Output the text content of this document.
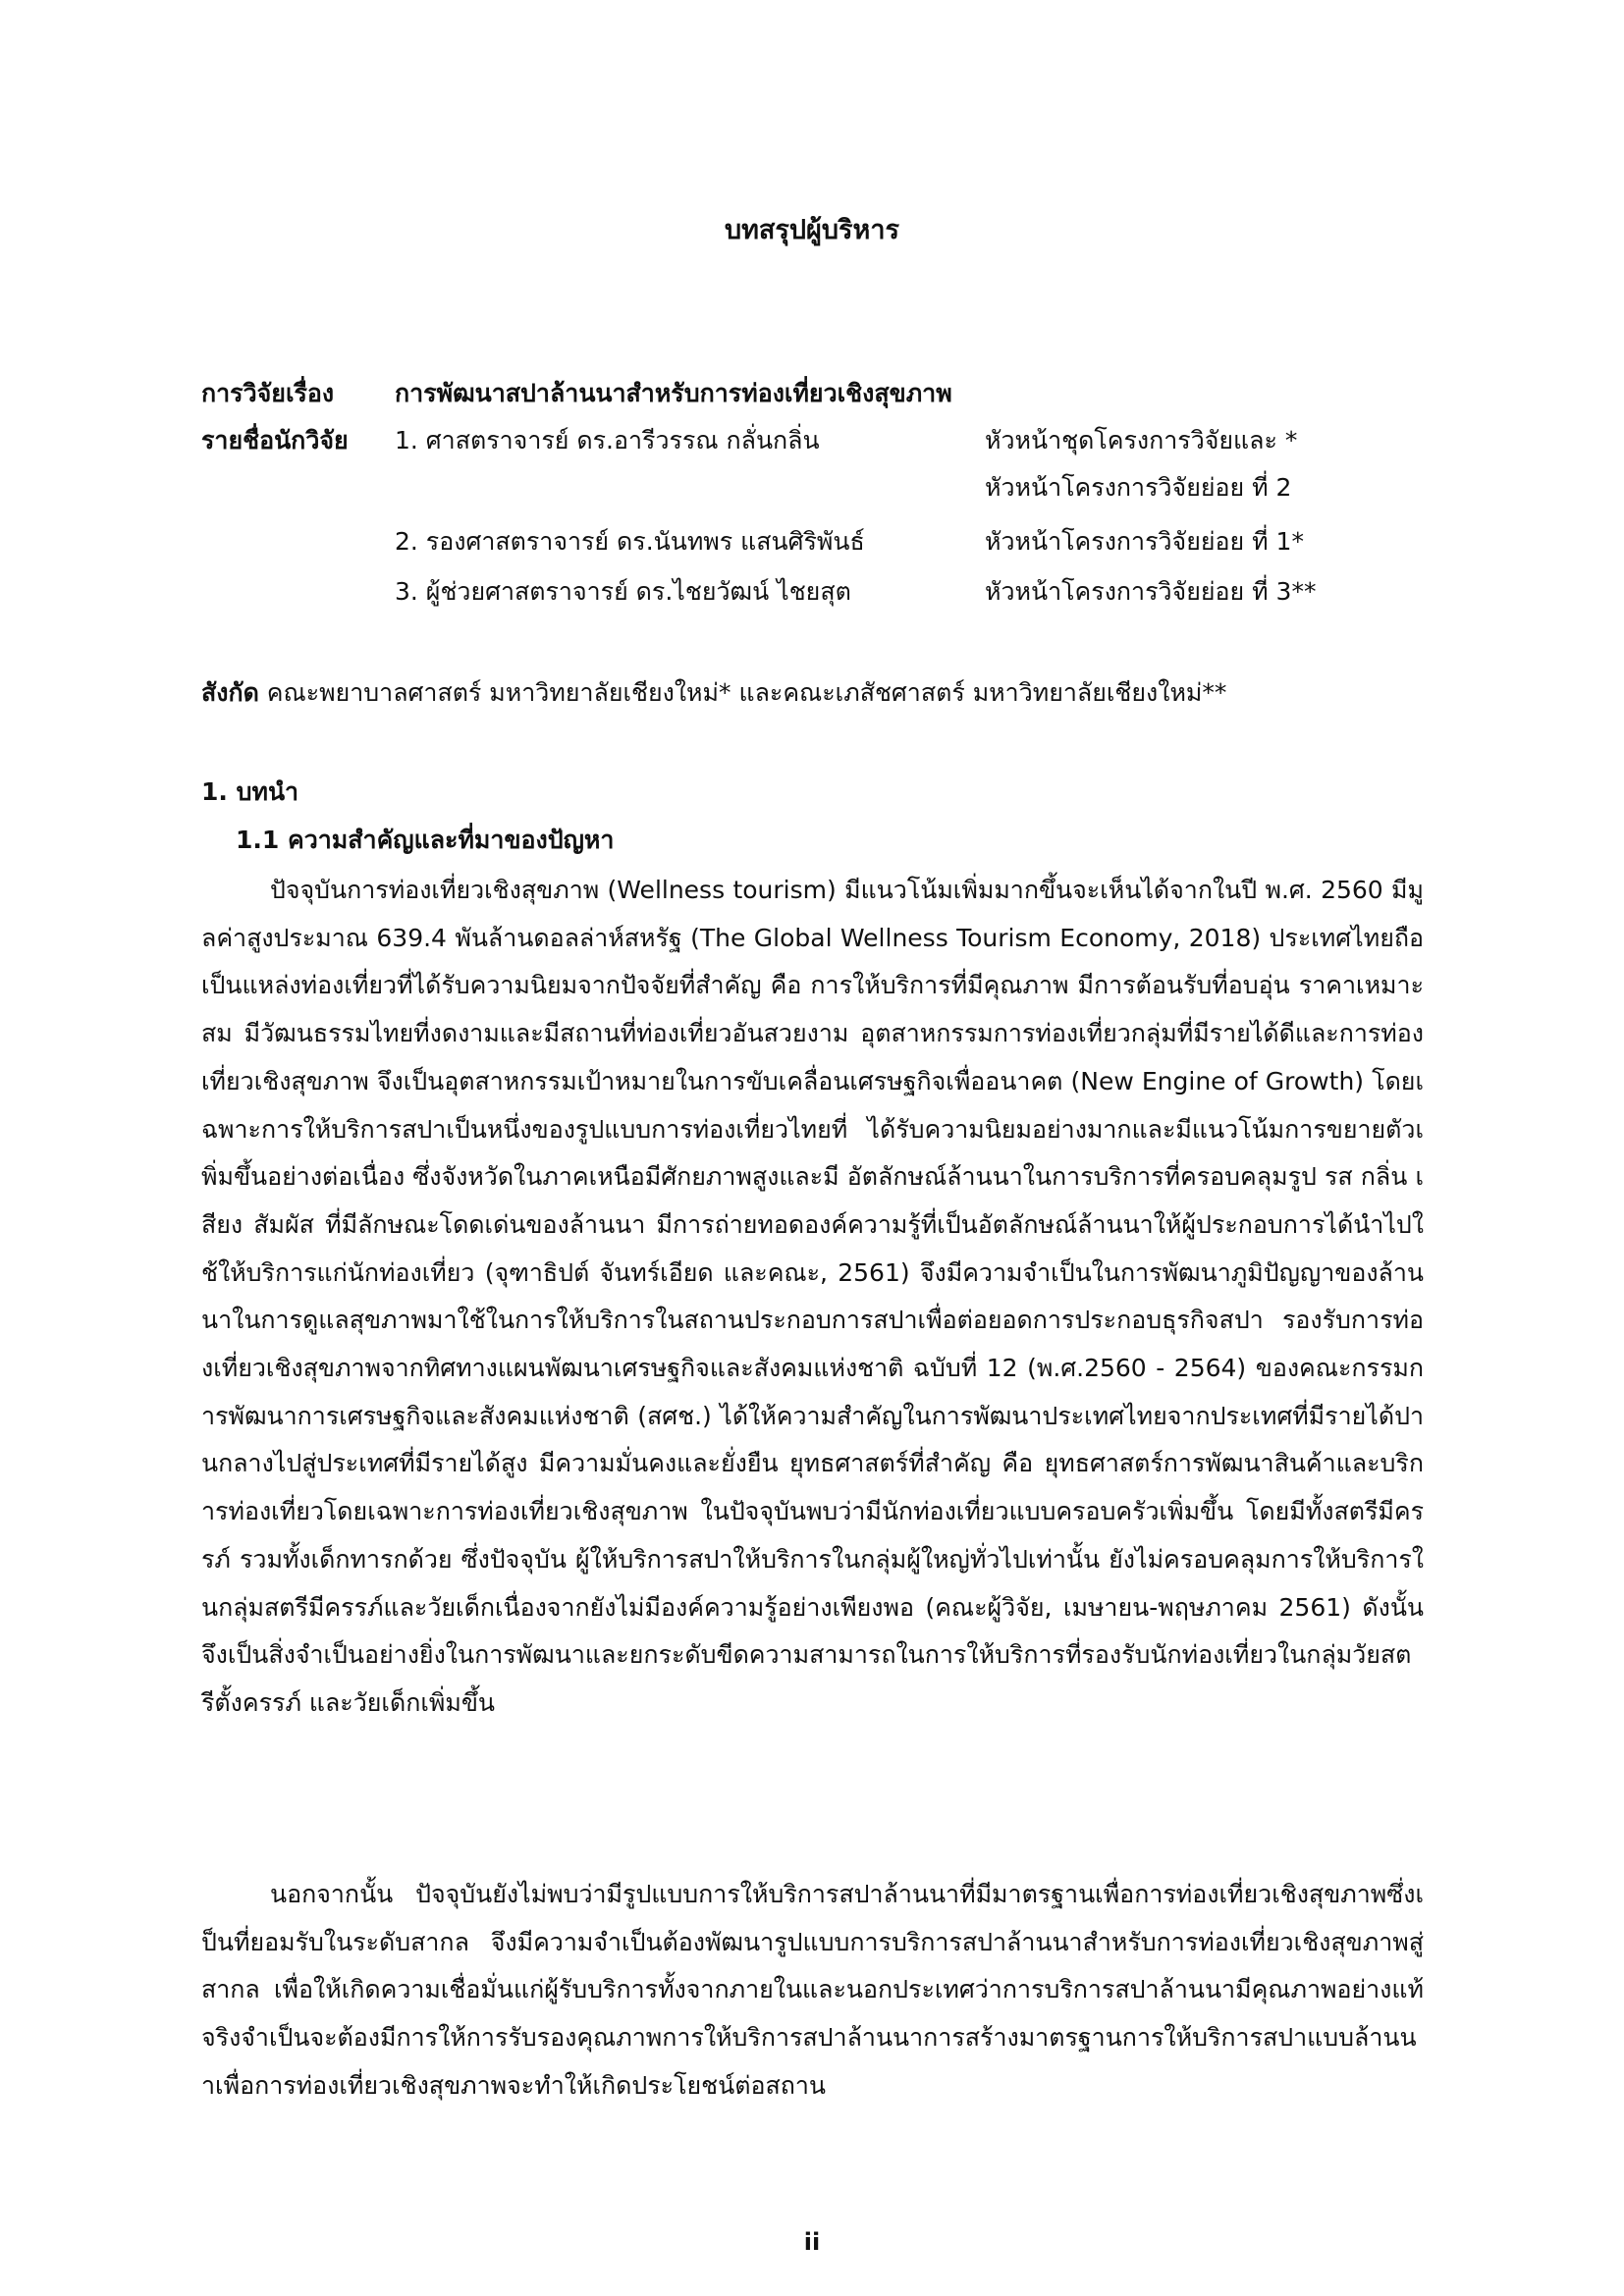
บทสรุปผู้บริหาร
การวิจัยเรื่อง การพัฒนาสปาล้านนาสำหรับการท่องเที่ยวเชิงสุขภาพ
รายชื่อนักวิจัย 1. ศาสตราจารย์ ดร.อารีวรรณ กลั่นกลิ่น	หัวหน้าชุดโครงการวิจัยและ *
หัวหน้าโครงการวิจัยย่อย ที่ 2
2. รองศาสตราจารย์ ดร.นันทพร แสนศิริพันธ์	หัวหน้าโครงการวิจัยย่อย ที่ 1*
3. ผู้ช่วยศาสตราจารย์ ดร.ไชยวัฒน์ ไชยสุต	หัวหน้าโครงการวิจัยย่อย ที่ 3**
สังกัด คณะพยาบาลศาสตร์ มหาวิทยาลัยเชียงใหม่* และคณะเภสัชศาสตร์ มหาวิทยาลัยเชียงใหม่**
1. บทนำ
1.1 ความสำคัญและที่มาของปัญหา

ปัจจุบันการท่องเที่ยวเชิงสุขภาพ (Wellness tourism) มีแนวโน้มเพิ่มมากขึ้นจะเห็นได้จากในปี พ.ศ. 2560 มีมูลค่าสูงประมาณ 639.4 พันล้านดอลล่าห์สหรัฐ (The Global Wellness Tourism Economy, 2018) ประเทศไทยถือเป็นแหล่งท่องเที่ยวที่ได้รับความนิยมจากปัจจัยที่สำคัญ คือ การให้บริการที่มีคุณภาพ มีการต้อนรับที่อบอุ่น ราคาเหมาะสม มีวัฒนธรรมไทยที่งดงามและมีสถานที่ท่องเที่ยวอันสวยงาม อุตสาหกรรมการท่องเที่ยวกลุ่มที่มีรายได้ดีและการท่องเที่ยวเชิงสุขภาพ จึงเป็นอุตสาหกรรมเป้าหมายในการขับเคลื่อนเศรษฐกิจเพื่ออนาคต (New Engine of Growth) โดยเฉพาะการให้บริการสปาเป็นหนึ่งของรูปแบบการท่องเที่ยวไทยที่ ได้รับความนิยมอย่างมากและมีแนวโน้มการขยายตัวเพิ่มขึ้นอย่างต่อเนื่อง ซึ่งจังหวัดในภาคเหนือมีศักยภาพสูงและมี อัตลักษณ์ล้านนาในการบริการที่ครอบคลุมรูป รส กลิ่น เสียง สัมผัส ที่มีลักษณะโดดเด่นของล้านนา มีการถ่ายทอดองค์ความรู้ที่เป็นอัตลักษณ์ล้านนาให้ผู้ประกอบการได้นำไปใช้ให้บริการแก่นักท่องเที่ยว (จุฑาธิปต์ จันทร์เอียด และคณะ, 2561) จึงมีความจำเป็นในการพัฒนาภูมิปัญญาของล้านนาในการดูแลสุขภาพมาใช้ในการให้บริการในสถานประกอบการสปาเพื่อต่อยอดการประกอบธุรกิจสปา รองรับการท่องเที่ยวเชิงสุขภาพจากทิศทางแผนพัฒนาเศรษฐกิจและสังคมแห่งชาติ ฉบับที่ 12 (พ.ศ.2560 - 2564) ของคณะกรรมการพัฒนาการเศรษฐกิจและสังคมแห่งชาติ (สศช.) ได้ให้ความสำคัญในการพัฒนาประเทศไทยจากประเทศที่มีรายได้ปานกลางไปสู่ประเทศที่มีรายได้สูง มีความมั่นคงและยั่งยืน ยุทธศาสตร์ที่สำคัญ คือ ยุทธศาสตร์การพัฒนาสินค้าและบริการท่องเที่ยวโดยเฉพาะการท่องเที่ยวเชิงสุขภาพ ในปัจจุบันพบว่ามีนักท่องเที่ยวแบบครอบครัวเพิ่มขึ้น โดยมีทั้งสตรีมีครรภ์ รวมทั้งเด็กทารกด้วย ซึ่งปัจจุบัน ผู้ให้บริการสปาให้บริการในกลุ่มผู้ใหญ่ทั่วไปเท่านั้น ยังไม่ครอบคลุมการให้บริการในกลุ่มสตรีมีครรภ์และวัยเด็กเนื่องจากยังไม่มีองค์ความรู้อย่างเพียงพอ (คณะผู้วิจัย, เมษายน-พฤษภาคม 2561) ดังนั้นจึงเป็นสิ่งจำเป็นอย่างยิ่งในการพัฒนาและยกระดับขีดความสามารถในการให้บริการที่รองรับนักท่องเที่ยวในกลุ่มวัยสตรีตั้งครรภ์ และวัยเด็กเพิ่มขึ้น

นอกจากนั้น ปัจจุบันยังไม่พบว่ามีรูปแบบการให้บริการสปาล้านนาที่มีมาตรฐานเพื่อการท่องเที่ยวเชิงสุขภาพซึ่งเป็นที่ยอมรับในระดับสากล จึงมีความจำเป็นต้องพัฒนารูปแบบการบริการสปาล้านนาสำหรับการท่องเที่ยวเชิงสุขภาพสู่สากล เพื่อให้เกิดความเชื่อมั่นแก่ผู้รับบริการทั้งจากภายในและนอกประเทศว่าการบริการสปาล้านนามีคุณภาพอย่างแท้จริงจำเป็นจะต้องมีการให้การรับรองคุณภาพการให้บริการสปาล้านนาการสร้างมาตรฐานการให้บริการสปาแบบล้านนาเพื่อการท่องเที่ยวเชิงสุขภาพจะทำให้เกิดประโยชน์ต่อสถาน

ii
